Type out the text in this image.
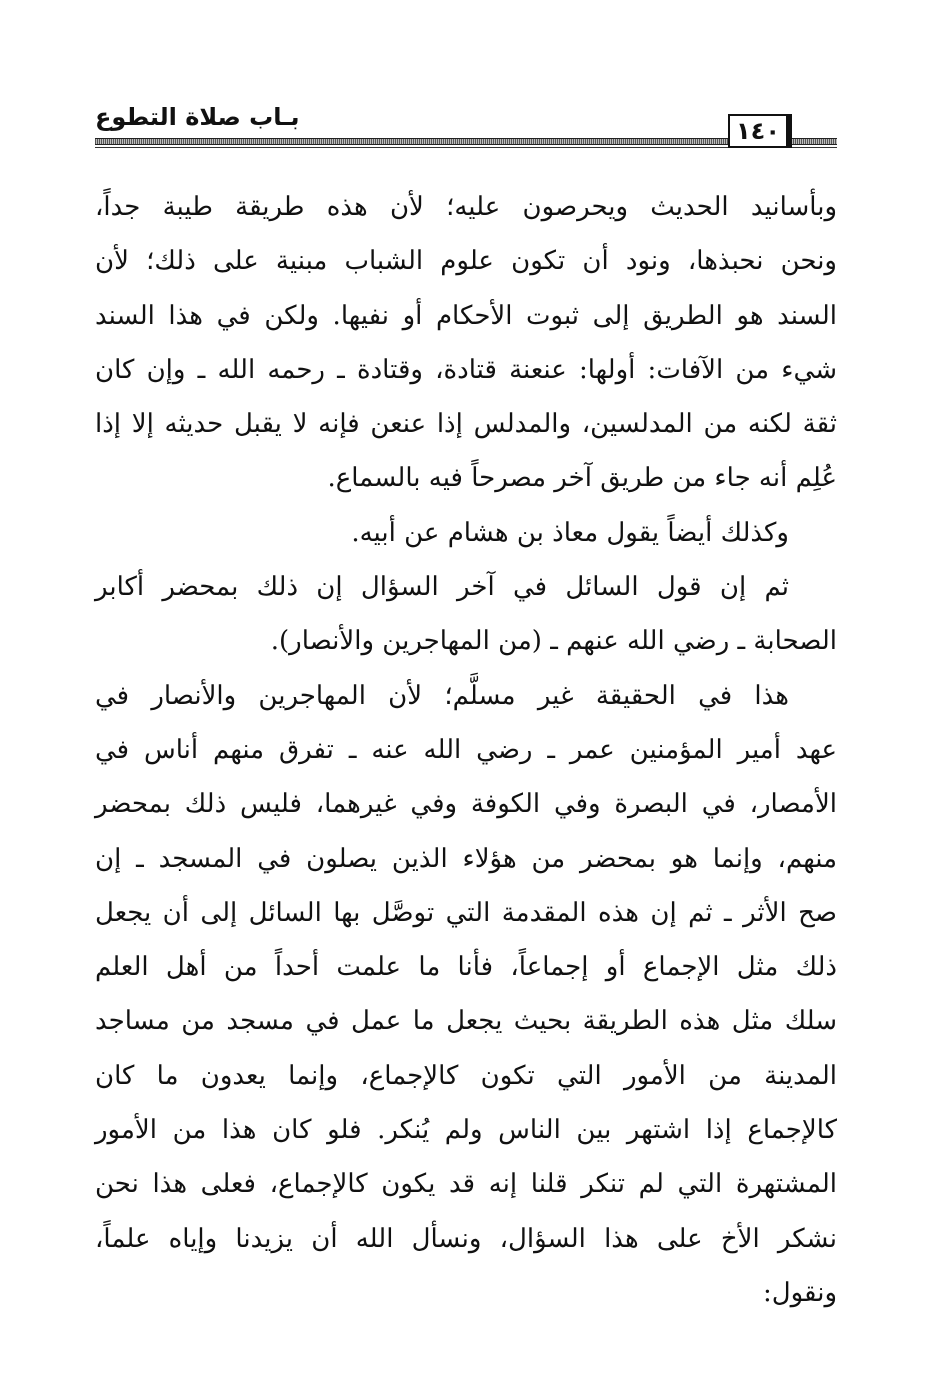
بـاب صلاة التطوع	١٤٠
وبأسانيد الحديث ويحرصون عليه؛ لأن هذه طريقة طيبة جداً،
ونحن نحبذها، ونود أن تكون علوم الشباب مبنية على ذلك؛ لأن
السند هو الطريق إلى ثبوت الأحكام أو نفيها. ولكن في هذا السند
شيء من الآفات: أولها: عنعنة قتادة، وقتادة ـ رحمه الله ـ وإن كان
ثقة لكنه من المدلسين، والمدلس إذا عنعن فإنه لا يقبل حديثه إلا إذا
عُلِم أنه جاء من طريق آخر مصرحاً فيه بالسماع.
وكذلك أيضاً يقول معاذ بن هشام عن أبيه.
ثم إن قول السائل في آخر السؤال إن ذلك بمحضر أكابر
الصحابة ـ رضي الله عنهم ـ (من المهاجرين والأنصار).
هذا في الحقيقة غير مسلَّم؛ لأن المهاجرين والأنصار في
عهد أمير المؤمنين عمر ـ رضي الله عنه ـ تفرق منهم أناس في
الأمصار، في البصرة وفي الكوفة وفي غيرهما، فليس ذلك بمحضر
منهم، وإنما هو بمحضر من هؤلاء الذين يصلون في المسجد ـ إن
صح الأثر ـ ثم إن هذه المقدمة التي توصَّل بها السائل إلى أن يجعل
ذلك مثل الإجماع أو إجماعاً، فأنا ما علمت أحداً من أهل العلم
سلك مثل هذه الطريقة بحيث يجعل ما عمل في مسجد من مساجد
المدينة من الأمور التي تكون كالإجماع، وإنما يعدون ما كان
كالإجماع إذا اشتهر بين الناس ولم يُنكر. فلو كان هذا من الأمور
المشتهرة التي لم تنكر قلنا إنه قد يكون كالإجماع، فعلى هذا نحن
نشكر الأخ على هذا السؤال، ونسأل الله أن يزيدنا وإياه علماً،
ونقول:
